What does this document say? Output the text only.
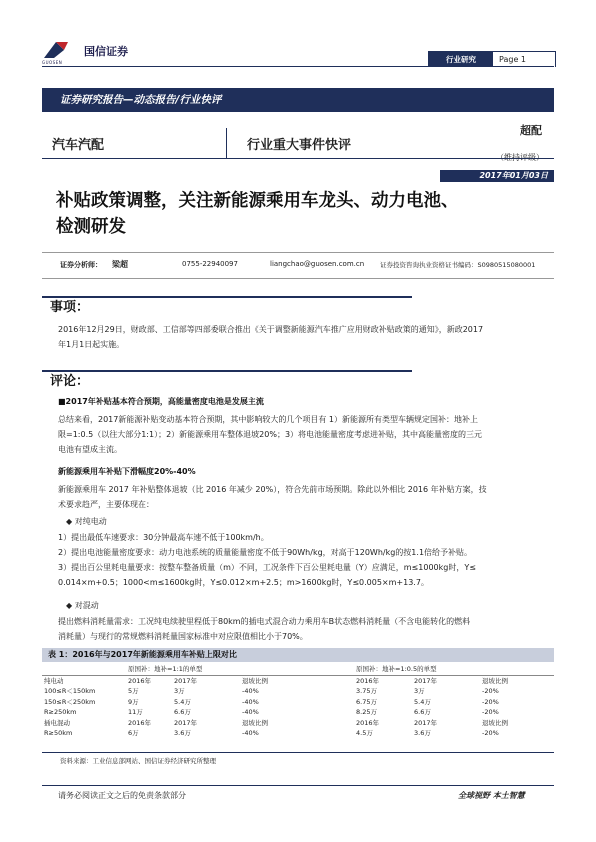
国信证券
GUOSEN	行业研究	Page 1
证券研究报告—动态报告/行业快评
汽车汽配	行业重大事件快评
超配
2017年01月03日
补贴政策调整，关注新能源乘用车龙头、动力电池、
检测研发
证券分析师： 梁超	0755-22940097	liangchao@guosen.com.cn 证券投资咨询执业资格证书编码：S0980515080001
事项：
2016年12月29日，财政部、工信部等四部委联合推出《关于调整新能源汽车推广应用财政补贴政策的通知》，新政2017
年1月1日起实施。
评论：
■2017年补贴基本符合预期，高能量密度电池是发展主流
总结来看，2017新能源补贴变动基本符合预期，其中影响较大的几个项目有 1）新能源所有类型车辆规定国补：地补上
限=1:0.5（以往大部分1:1）；2）新能源乘用车整体退坡20%；3）将电池能量密度考虑进补贴，其中高能量密度的三元
电池有望成主流。
新能源乘用车补贴下滑幅度20%-40%
新能源乘用车 2017 年补贴整体退坡（比 2016 年减少 20%），符合先前市场预期。除此以外相比 2016 年补贴方案，技
术要求趋严，主要体现在：
◆ 对纯电动
1）提出最低车速要求：30分钟最高车速不低于100km/h。
2）提出电池能量密度要求：动力电池系统的质量能量密度不低于90Wh/kg，对高于120Wh/kg的按1.1倍给予补贴。
3）提出百公里耗电量要求：按整车整备质量（m）不同，工况条件下百公里耗电量（Y）应满足，m≤1000kg时，Y≤
0.014×m+0.5；1000<m≤1600kg时，Y≤0.012×m+2.5；m>1600kg时，Y≤0.005×m+13.7。
◆ 对混动
提出燃料消耗量需求：工况纯电续驶里程低于80km的插电式混合动力乘用车B状态燃料消耗量（不含电能转化的燃料
消耗量）与现行的常规燃料消耗量国家标准中对应限值相比小于70%。
表 1：2016年与2017年新能源乘用车补贴上限对比
	原国补：地补=1:1的单型			原国补：地补=1:0.5的单型		
纯电动	2016年	2017年	退坡比例	2016年	2017年	退坡比例
100≤R＜150km	5万	3万	-40%	3.75万	3万	-20%
150≤R＜250km	9万	5.4万	-40%	6.75万	5.4万	-20%
R≥250km	11万	6.6万	-40%	8.25万	6.6万	-20%
插电混动	2016年	2017年	退坡比例	2016年	2017年	退坡比例
R≥50km	6万	3.6万	-40%	4.5万	3.6万	-20%
资料来源：工业信息部网站、国信证券经济研究所整理
请务必阅读正文之后的免责条款部分	全球视野 本土智慧
